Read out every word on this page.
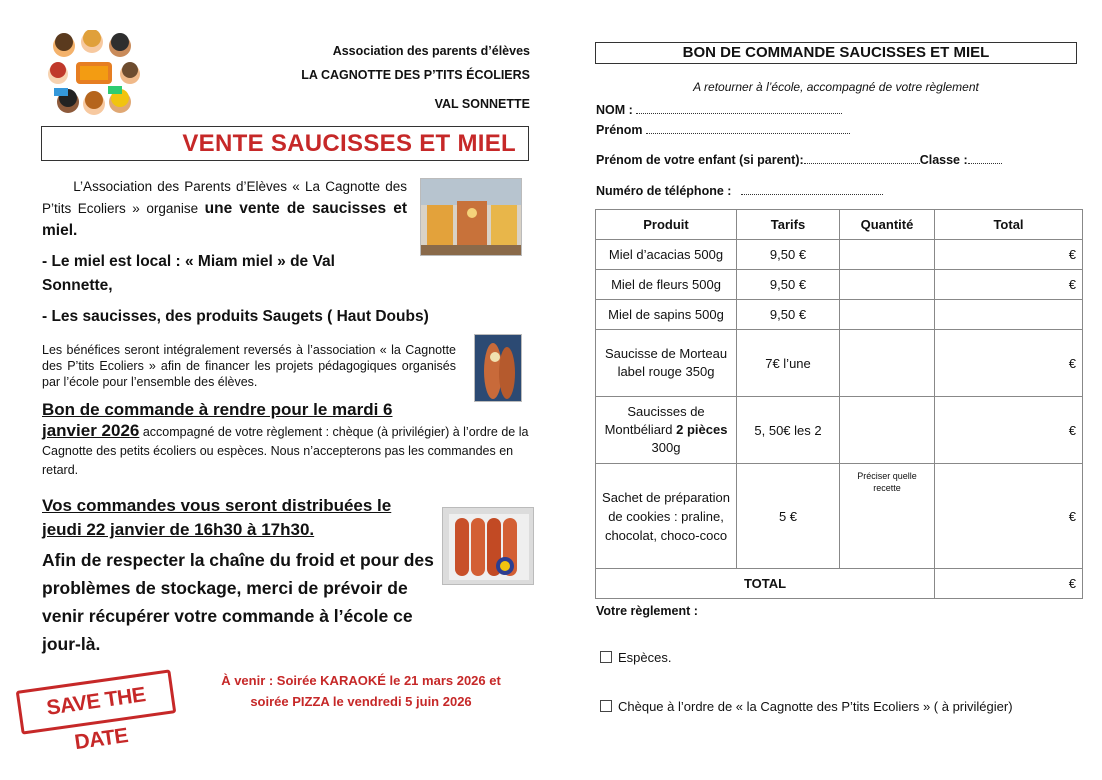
Association des parents d’élèves
LA CAGNOTTE DES P’TITS ÉCOLIERS
VAL SONNETTE
VENTE SAUCISSES ET MIEL
L’Association des Parents d’Elèves « La Cagnotte des P’tits Ecoliers » organise une vente de saucisses et miel.
- Le miel est local : « Miam miel » de Val Sonnette,
- Les saucisses, des produits Saugets ( Haut Doubs)
Les bénéfices seront intégralement reversés à l’association « la Cagnotte des P’tits Ecoliers » afin de financer les projets pédagogiques organisés par l’école pour l’ensemble des élèves.
Bon de commande à rendre pour le mardi 6
janvier 2026 accompagné de votre règlement : chèque (à privilégier) à l’ordre de la Cagnotte des petits écoliers ou espèces. Nous n’accepterons pas les commandes en retard.
Vos commandes vous seront distribuées le jeudi 22 janvier de 16h30 à 17h30.
Afin de respecter la chaîne du froid et pour des problèmes de stockage, merci de prévoir de venir récupérer votre commande à l’école ce jour-là.
SAVE THE DATE
À venir : Soirée KARAOKÉ le 21 mars 2026 et
soirée PIZZA le vendredi 5 juin 2026
BON DE COMMANDE SAUCISSES ET MIEL
A retourner à l’école, accompagné de votre règlement
NOM :
Prénom
Prénom de votre enfant (si parent):	Classe :
Numéro de téléphone :
Produit	Tarifs	Quantité	Total
Miel d’acacias 500g	9,50 €		€
Miel de fleurs 500g	9,50 €		€
Miel de sapins 500g	9,50 €		
Saucisse de Morteau label rouge 350g	7€ l’une		€
Saucisses de Montbéliard 2 pièces 300g	5, 50€ les 2		€
Sachet de préparation de cookies : praline, chocolat, choco-coco	5 €	Préciser quelle recette	€
TOTAL			€
Votre règlement :
Espèces.
Chèque à l’ordre de « la Cagnotte des P’tits Ecoliers » ( à privilégier)
